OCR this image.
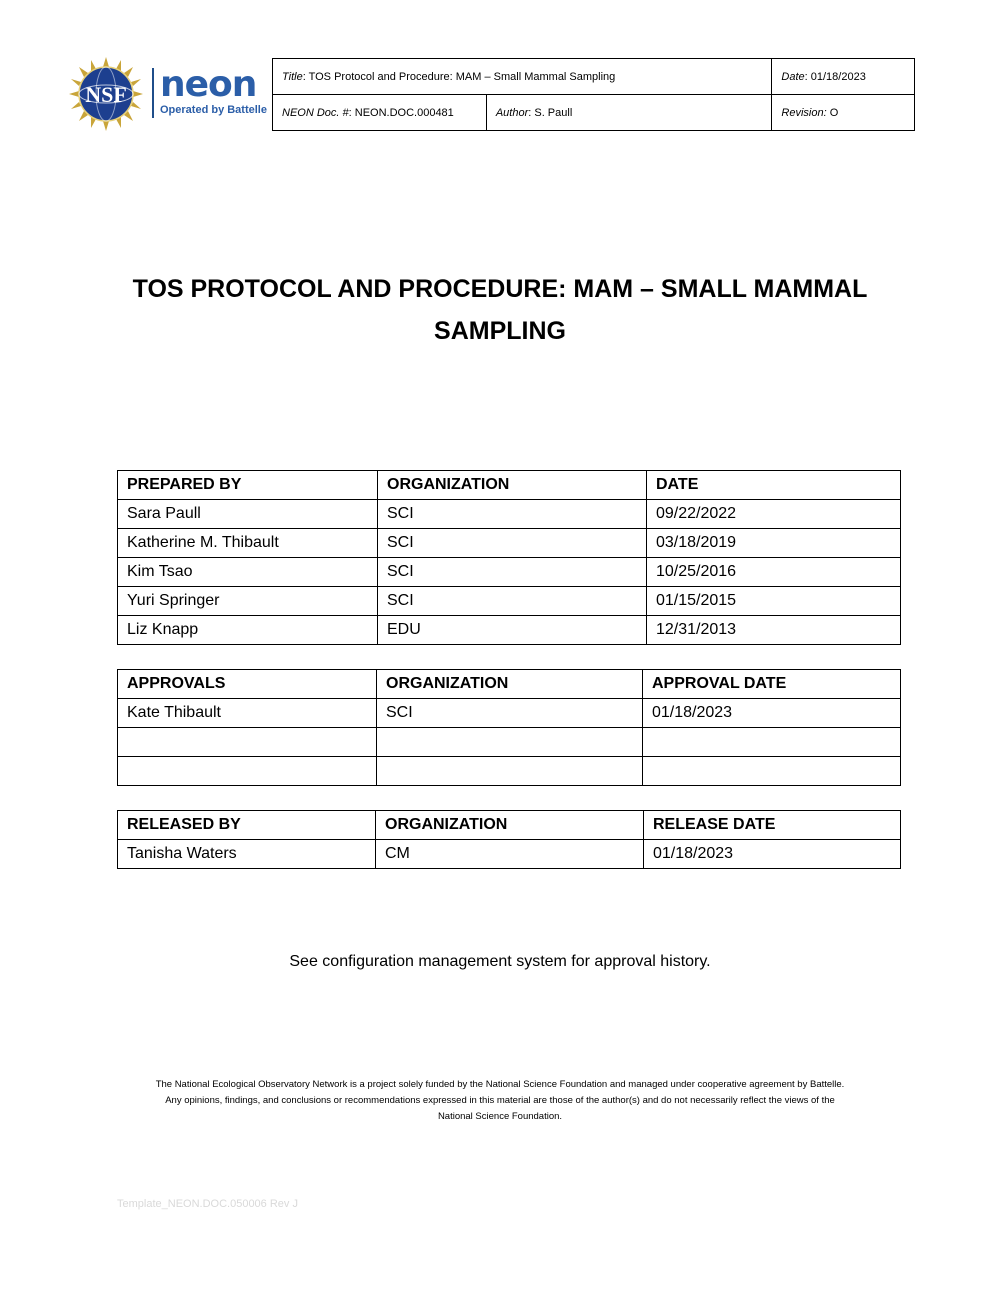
NSF neon
Operated by Battelle
Title: TOS Protocol and Procedure: MAM – Small Mammal Sampling		Date: 01/18/2023
NEON Doc. #: NEON.DOC.000481	Author: S. Paull	Revision: O
TOS PROTOCOL AND PROCEDURE: MAM – SMALL MAMMAL
SAMPLING
PREPARED BY	ORGANIZATION	DATE
Sara Paull	SCI	09/22/2022
Katherine M. Thibault	SCI	03/18/2019
Kim Tsao	SCI	10/25/2016
Yuri Springer	SCI	01/15/2015
Liz Knapp	EDU	12/31/2013
APPROVALS	ORGANIZATION	APPROVAL DATE
Kate Thibault	SCI	01/18/2023

RELEASED BY	ORGANIZATION	RELEASE DATE
Tanisha Waters	CM	01/18/2023
See configuration management system for approval history.
The National Ecological Observatory Network is a project solely funded by the National Science Foundation and managed under cooperative agreement by Battelle.
Any opinions, findings, and conclusions or recommendations expressed in this material are those of the author(s) and do not necessarily reflect the views of the
National Science Foundation.
Template_NEON.DOC.050006 Rev J
